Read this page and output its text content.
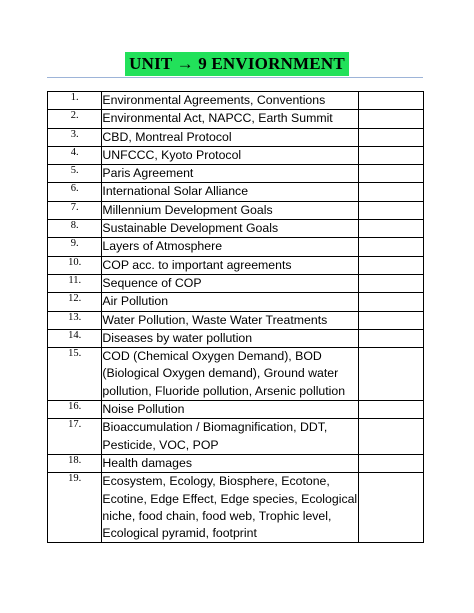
UNIT → 9 ENVIORNMENT
1.	Environmental Agreements, Conventions	
2.	Environmental Act, NAPCC, Earth Summit	
3.	CBD, Montreal Protocol	
4.	UNFCCC, Kyoto Protocol	
5.	Paris Agreement	
6.	International Solar Alliance	
7.	Millennium Development Goals	
8.	Sustainable Development Goals	
9.	Layers of Atmosphere	
10.	COP acc. to important agreements	
11.	Sequence of COP	
12.	Air Pollution	
13.	Water Pollution, Waste Water Treatments	
14.	Diseases by water pollution	
15.	COD (Chemical Oxygen Demand), BOD (Biological Oxygen demand), Ground water pollution, Fluoride pollution, Arsenic pollution	
16.	Noise Pollution	
17.	Bioaccumulation / Biomagnification, DDT, Pesticide, VOC, POP	
18.	Health damages	
19.	Ecosystem, Ecology, Biosphere, Ecotone, Ecotine, Edge Effect, Edge species, Ecological niche, food chain, food web, Trophic level, Ecological pyramid, footprint	
